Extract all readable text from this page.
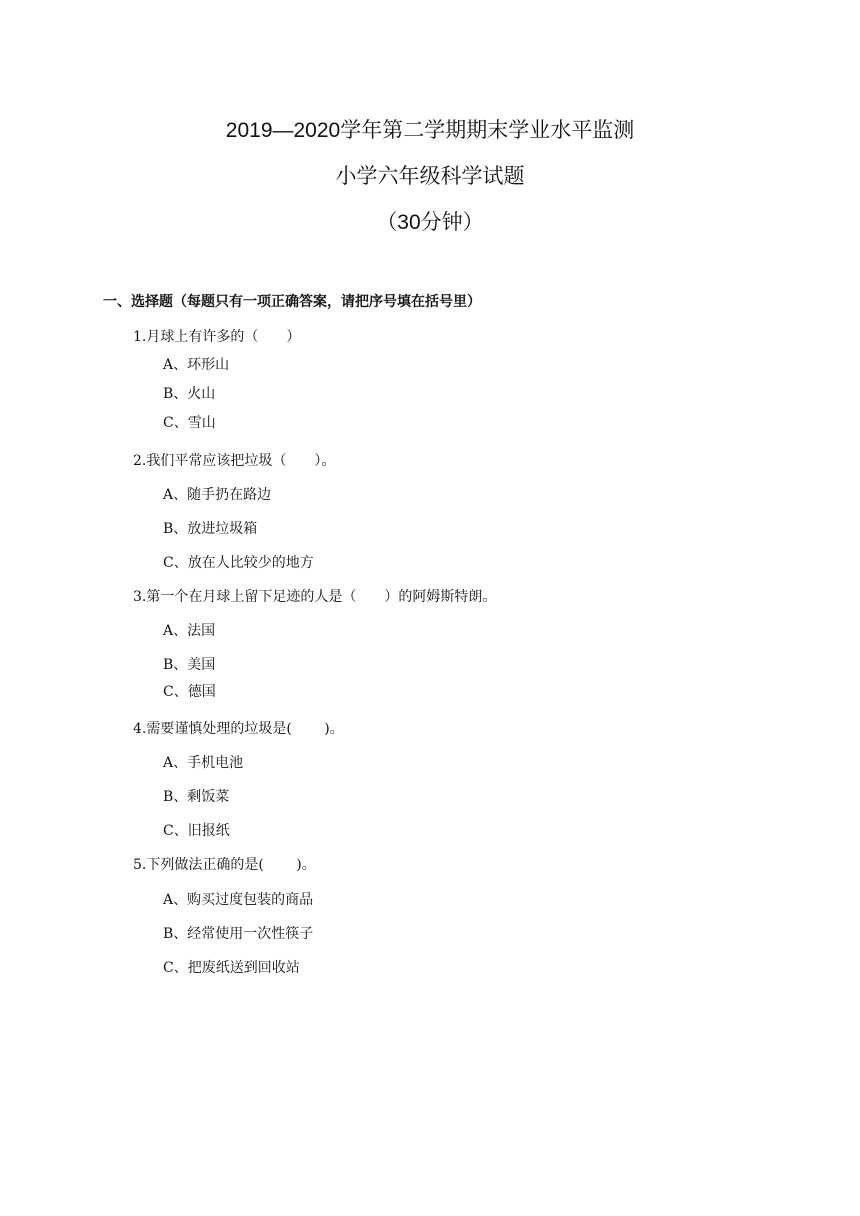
2019—2020学年第二学期期末学业水平监测
小学六年级科学试题
（30分钟）
一、选择题（每题只有一项正确答案，请把序号填在括号里）

1.月球上有许多的（　　）

A、环形山

B、火山

C、雪山

2.我们平常应该把垃圾（　　）。

A、随手扔在路边

B、放进垃圾箱

C、放在人比较少的地方

3.第一个在月球上留下足迹的人是（　　）的阿姆斯特朗。

A、法国

B、美国

C、德国

4.需要谨慎处理的垃圾是(　　 )。

A、手机电池

B、剩饭菜

C、旧报纸

5.下列做法正确的是(　　 )。

A、购买过度包装的商品

B、经常使用一次性筷子

C、把废纸送到回收站
